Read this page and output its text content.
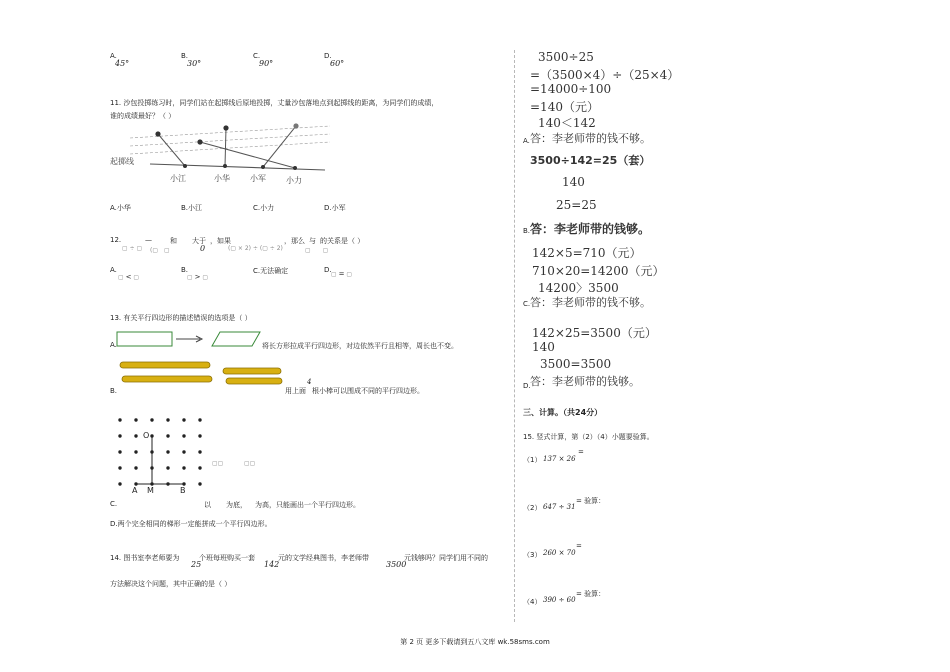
A.
45°
B.
30°
C.
90°
D.
60°
11. 沙包投掷练习时，同学们站在起掷线后原地投掷，丈量沙包落地点到起掷线的距离，为同学们的成绩，
谁的成绩最好？（ ）
起掷线
小江	小华	小军	小力
A.小华	B.小江	C.小力	D.小军
12.
▢ ÷ ▢
—
(▢　▢
和 大于
0
，如果
(▢ × 2) ÷ (▢ ÷ 2)
，那么 与
▢　　▢
的关系是（ ）
A.
▢ < ▢
B.
▢ > ▢
C.无法确定	D.
▢ = ▢
13. 有关平行四边形的描述错误的选项是（ ）
A.	将长方形拉成平行四边形，对边依然平行且相等，周长也不变。
B.	用上面
4
根小棒可以围成不同的平行四边形。
O
A M	B
▢▢	▢▢
C.	以 为底， 为高，只能画出一个平行四边形。
D.两个完全相同的梯形一定能拼成一个平行四边形。
14. 图书室李老师要为
25
个班每班购买一套
142
元的文学经典图书，李老师带
3500
元钱够吗？同学们用不同的
方法解决这个问题，其中正确的是（ ）
3500÷25
=（3500×4）÷（25×4）
=14000÷100
=140（元）
140＜142
A. 答：李老师带的钱不够。
3500÷142=25（套）
140
25=25
B. 答：李老师带的钱够。
142×5=710（元）
710×20=14200（元）
14200〉3500
C. 答：李老师带的钱不够。
142×25=3500（元）
140
3500=3500
D. 答：李老师带的钱够。
三、计算。（共24分）
15. 竖式计算，第（2）（4）小题要验算。
（1） 137 × 26
=
（2） 647 ÷ 31
= 验算：
（3） 260 × 70
=
（4） 390 ÷ 60
= 验算：
第 2 页 更多下载请到五八文库 wk.58sms.com
